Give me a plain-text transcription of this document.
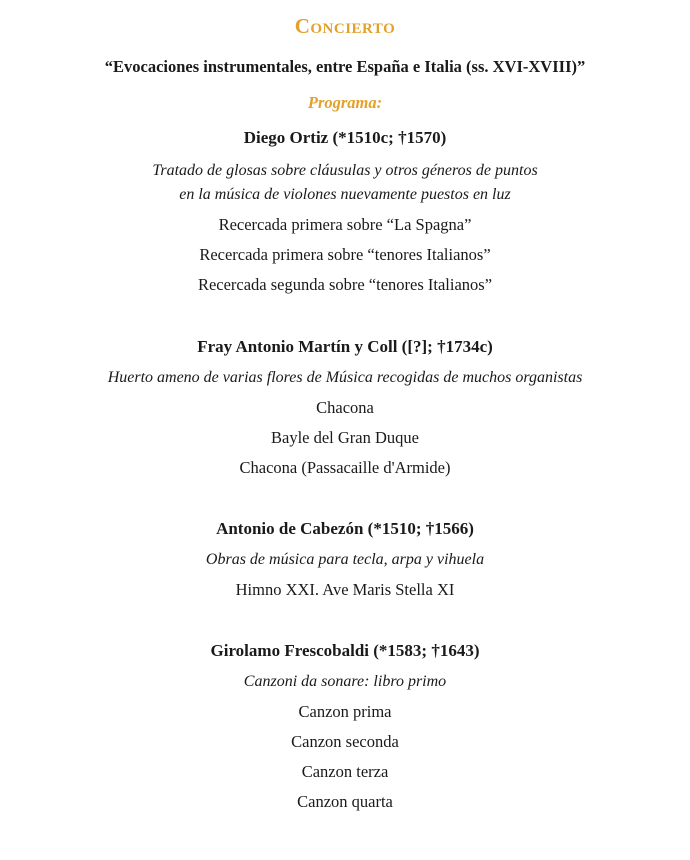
Concierto
“Evocaciones instrumentales, entre España e Italia (ss. XVI-XVIII)”
Programa:
Diego Ortiz (*1510c; †1570)
Tratado de glosas sobre cláusulas y otros géneros de puntos
en la música de violones nuevamente puestos en luz
Recercada primera sobre “La Spagna”
Recercada primera sobre “tenores Italianos”
Recercada segunda sobre “tenores Italianos”
Fray Antonio Martín y Coll ([?]; †1734c)
Huerto ameno de varias flores de Música recogidas de muchos organistas
Chacona
Bayle del Gran Duque
Chacona (Passacaille d'Armide)
Antonio de Cabezón (*1510; †1566)
Obras de música para tecla, arpa y vihuela
Himno XXI. Ave Maris Stella XI
Girolamo Frescobaldi (*1583; †1643)
Canzoni da sonare: libro primo
Canzon prima
Canzon seconda
Canzon terza
Canzon quarta
